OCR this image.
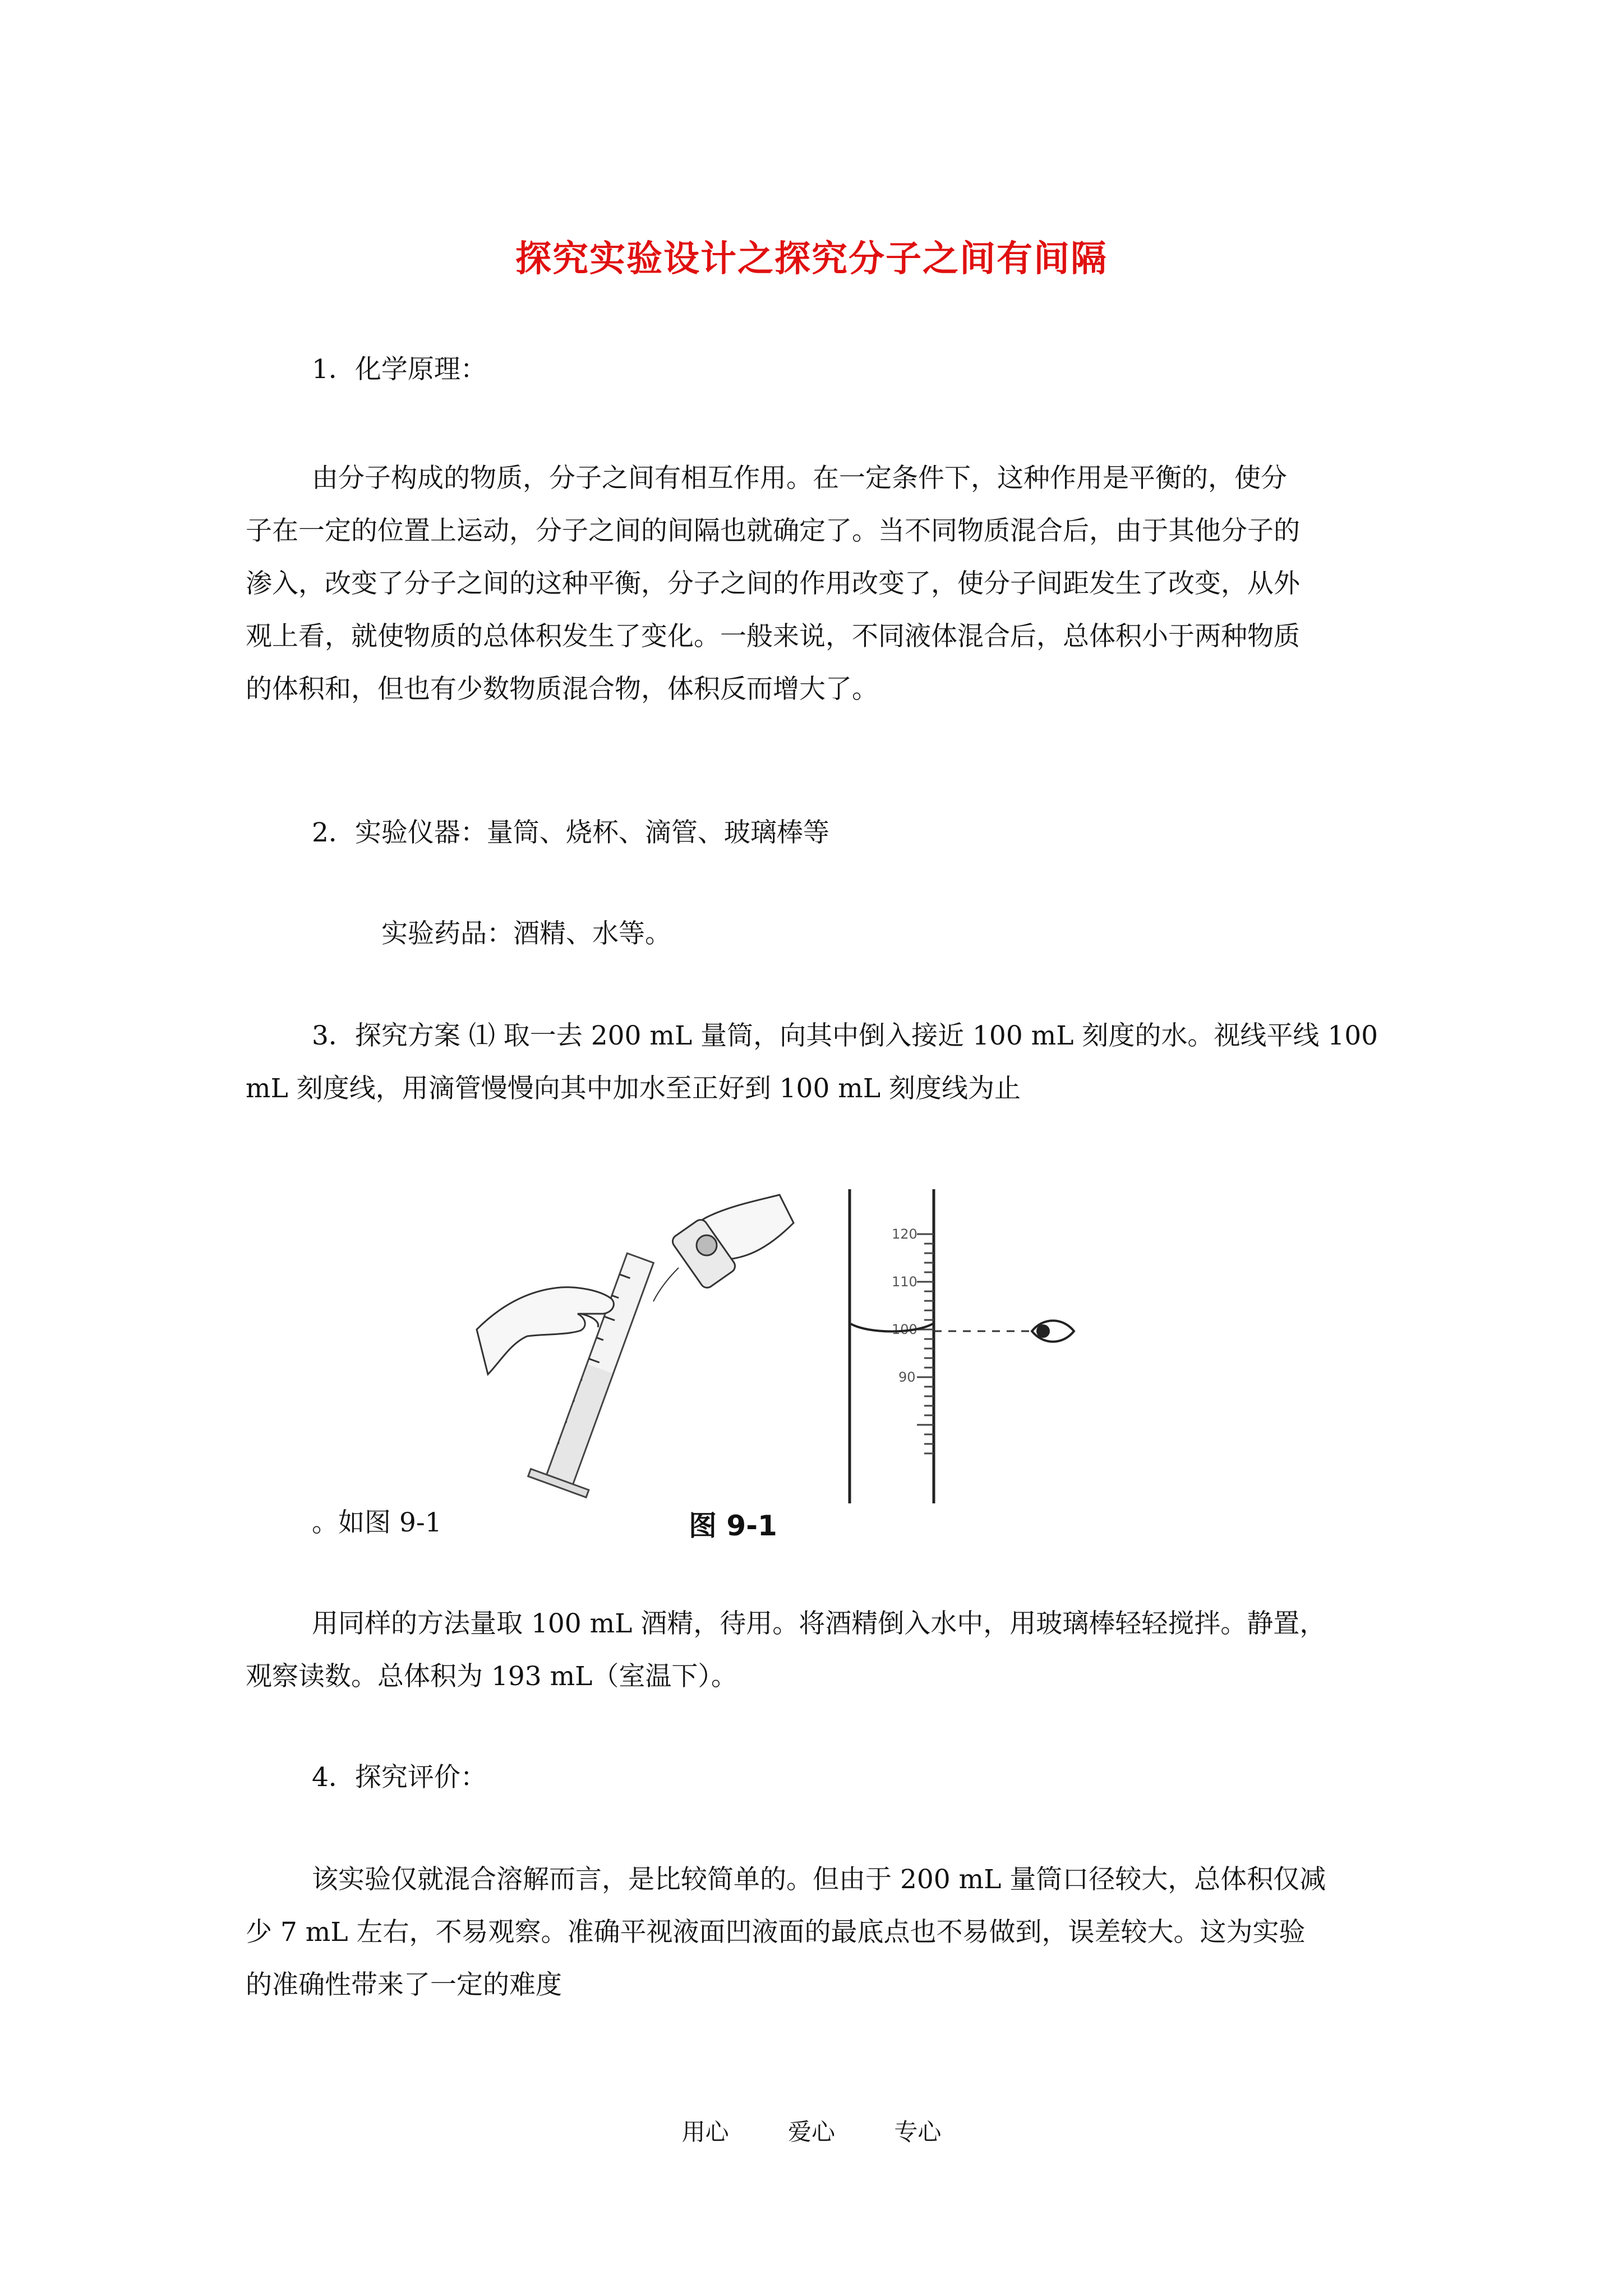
探究实验设计之探究分子之间有间隔
1．化学原理：
由分子构成的物质，分子之间有相互作用。在一定条件下，这种作用是平衡的，使分
子在一定的位置上运动，分子之间的间隔也就确定了。当不同物质混合后，由于其他分子的
渗入，改变了分子之间的这种平衡，分子之间的作用改变了，使分子间距发生了改变，从外
观上看，就使物质的总体积发生了变化。一般来说，不同液体混合后，总体积小于两种物质
的体积和，但也有少数物质混合物，体积反而增大了。
2．实验仪器：量筒、烧杯、滴管、玻璃棒等
实验药品：酒精、水等。
3．探究方案 ⑴ 取一去 200 mL 量筒，向其中倒入接近 100 mL 刻度的水。视线平线 100
mL 刻度线，用滴管慢慢向其中加水至正好到 100 mL 刻度线为止
120
110
100
90
。如图 9-1	图 9-1
用同样的方法量取 100 mL 酒精，待用。将酒精倒入水中，用玻璃棒轻轻搅拌。静置，
观察读数。总体积为 193 mL（室温下）。
4．探究评价：
该实验仅就混合溶解而言，是比较简单的。但由于 200 mL 量筒口径较大，总体积仅减
少 7 mL 左右，不易观察。准确平视液面凹液面的最底点也不易做到，误差较大。这为实验
的准确性带来了一定的难度
用心	爱心	专心
